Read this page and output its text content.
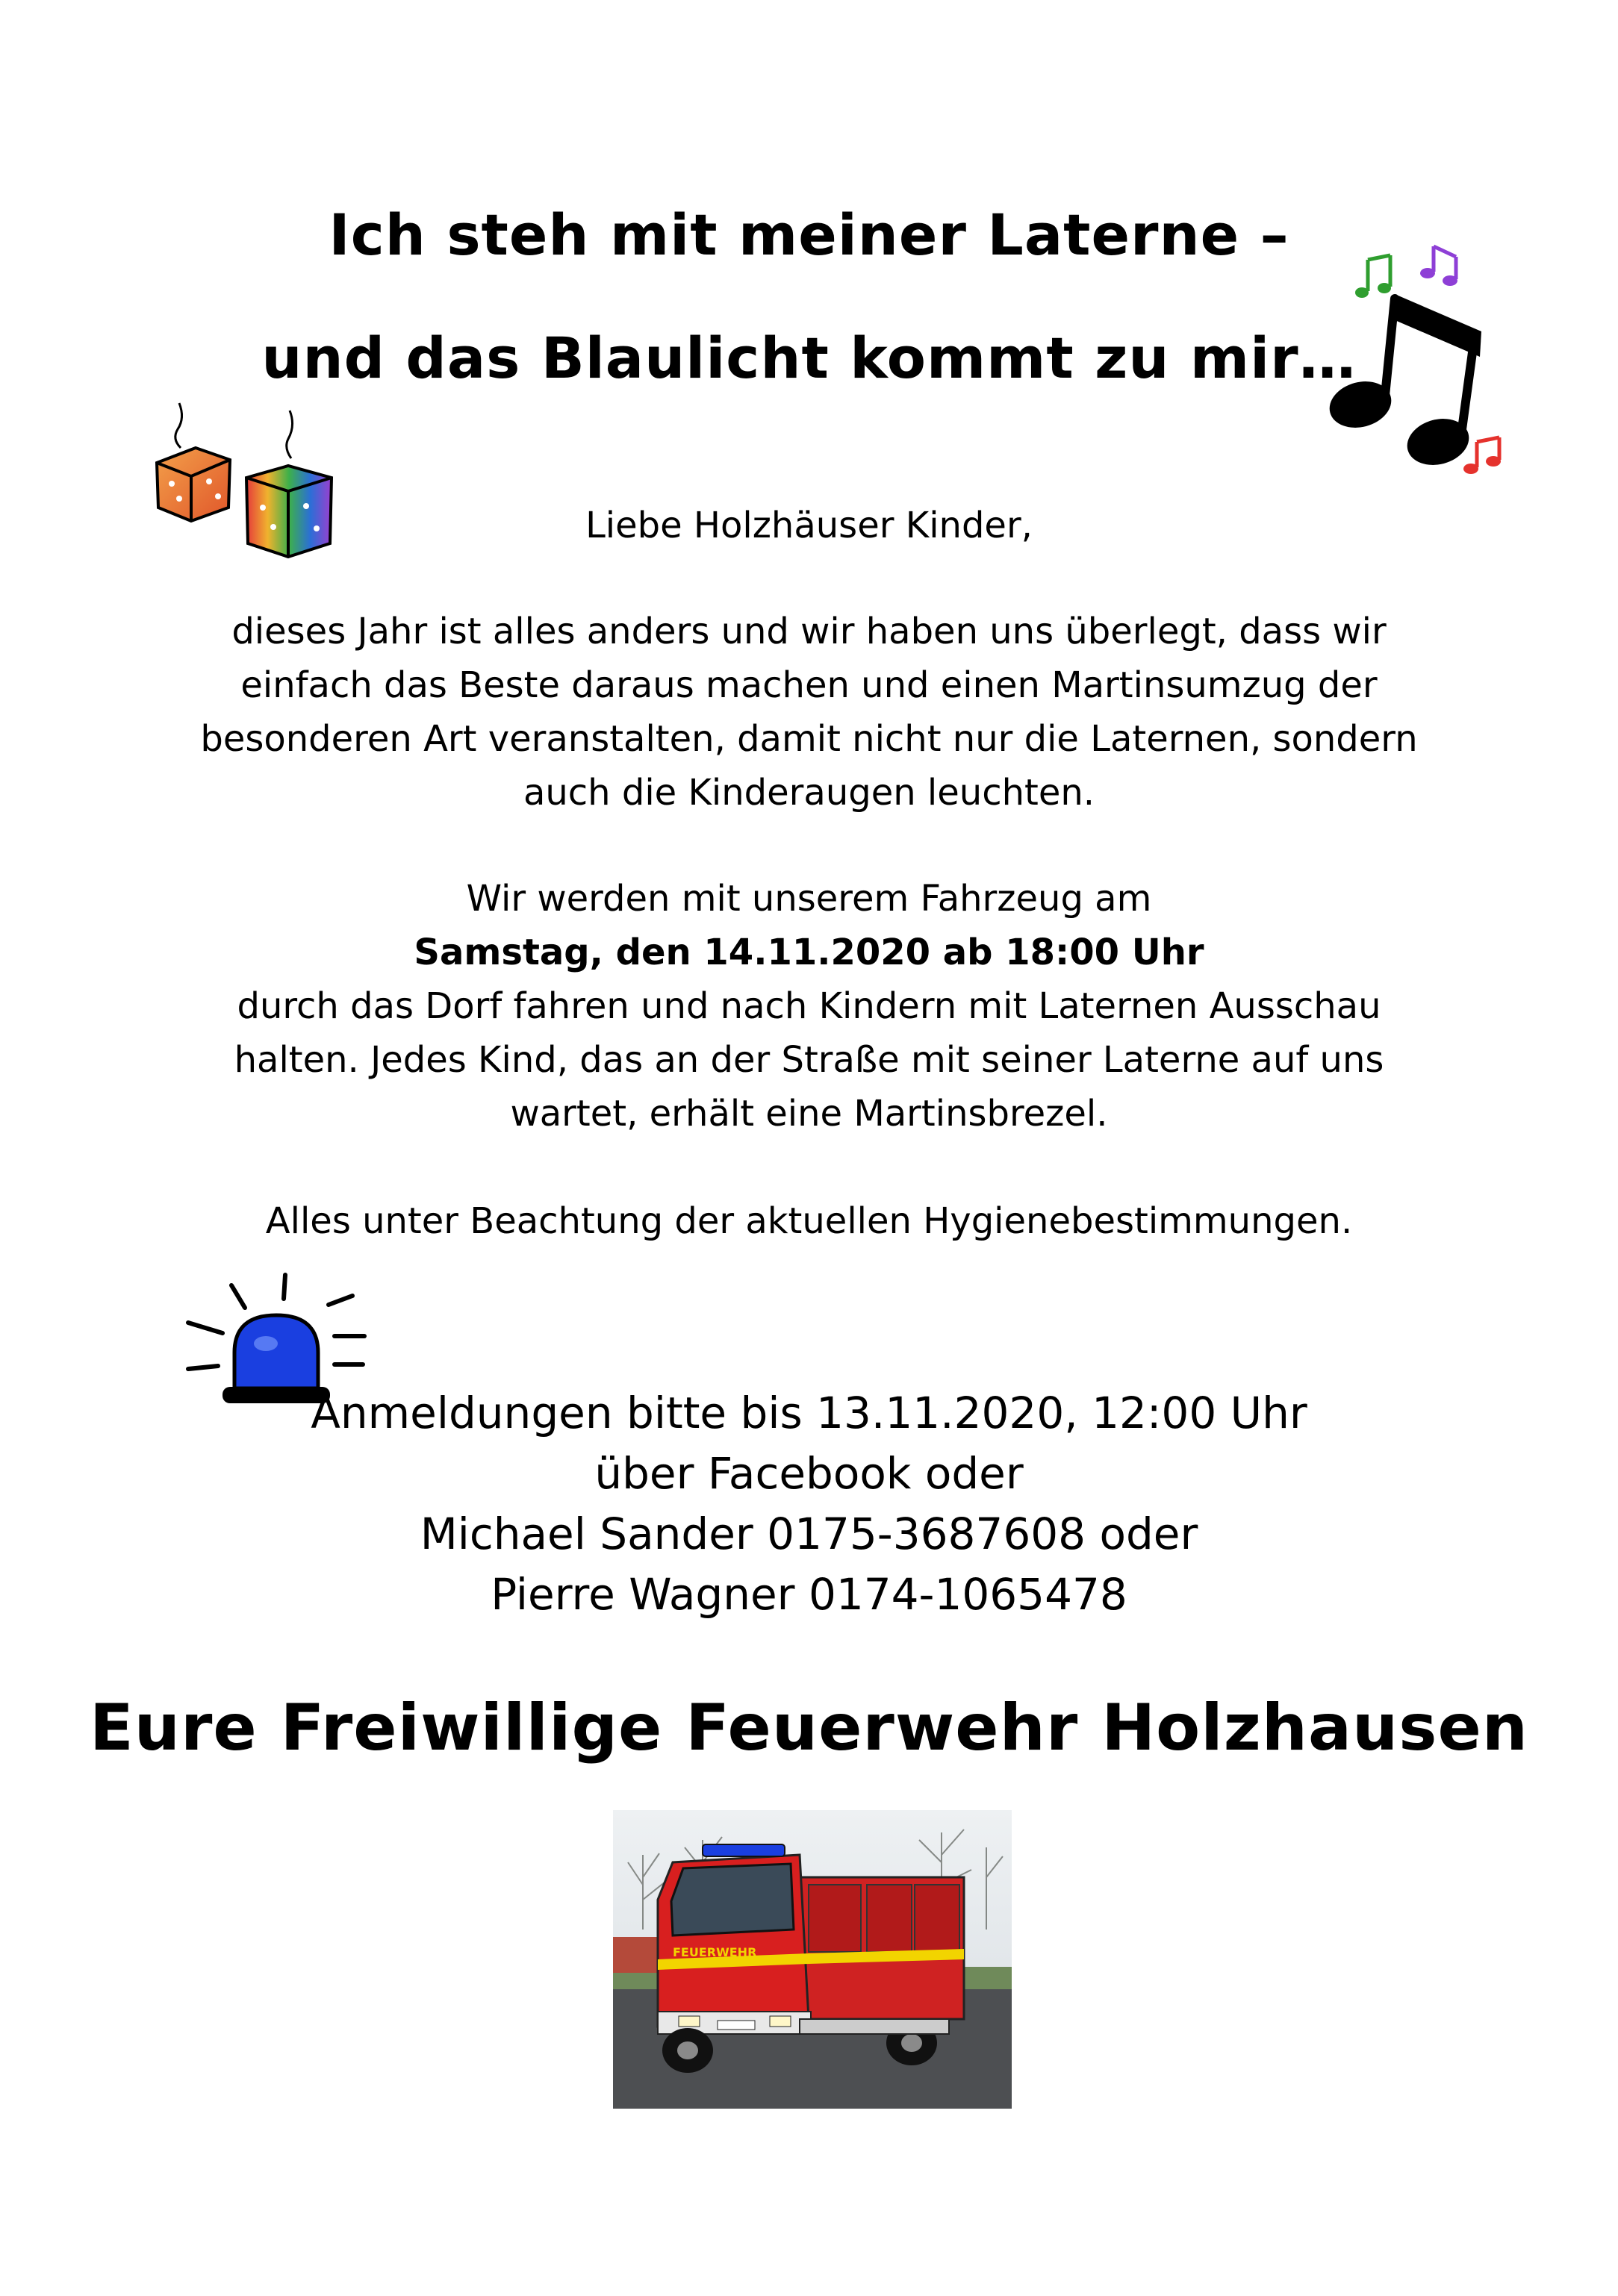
Ich steh mit meiner Laterne –
und das Blaulicht kommt zu mir…
Liebe Holzhäuser Kinder,
dieses Jahr ist alles anders und wir haben uns überlegt, dass wir
einfach das Beste daraus machen und einen Martinsumzug der
besonderen Art veranstalten, damit nicht nur die Laternen, sondern
auch die Kinderaugen leuchten.
Wir werden mit unserem Fahrzeug am
Samstag, den 14.11.2020 ab 18:00 Uhr
durch das Dorf fahren und nach Kindern mit Laternen Ausschau
halten. Jedes Kind, das an der Straße mit seiner Laterne auf uns
wartet, erhält eine Martinsbrezel.
Alles unter Beachtung der aktuellen Hygienebestimmungen.
Anmeldungen bitte bis 13.11.2020, 12:00 Uhr
über Facebook oder
Michael Sander 0175-3687608 oder
Pierre Wagner 0174-1065478
Eure Freiwillige Feuerwehr Holzhausen
FEUERWEHR
